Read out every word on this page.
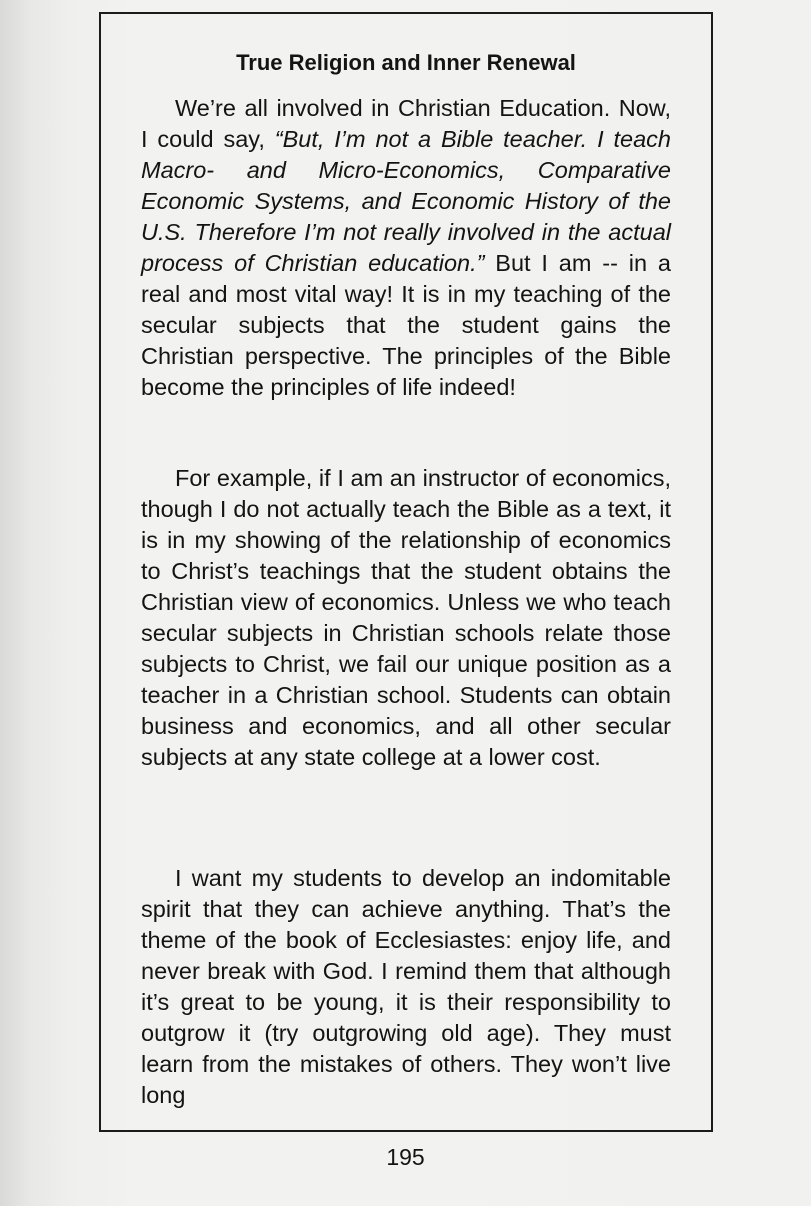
True Religion and Inner Renewal
We’re all involved in Christian Education. Now, I could say, “But, I’m not a Bible teacher. I teach Macro- and Micro-Economics, Comparative Economic Systems, and Economic History of the U.S. Therefore I’m not really involved in the actual process of Christian education.” But I am -- in a real and most vital way! It is in my teaching of the secular subjects that the student gains the Christian perspective. The principles of the Bible become the principles of life indeed!
For example, if I am an instructor of economics, though I do not actually teach the Bible as a text, it is in my showing of the relationship of economics to Christ’s teachings that the student obtains the Christian view of economics. Unless we who teach secular subjects in Christian schools relate those subjects to Christ, we fail our unique position as a teacher in a Christian school. Students can obtain business and economics, and all other secular subjects at any state college at a lower cost.
I want my students to develop an indomitable spirit that they can achieve anything. That’s the theme of the book of Ecclesiastes: enjoy life, and never break with God. I remind them that although it’s great to be young, it is their responsibility to outgrow it (try outgrowing old age). They must learn from the mistakes of others. They won’t live long
195
